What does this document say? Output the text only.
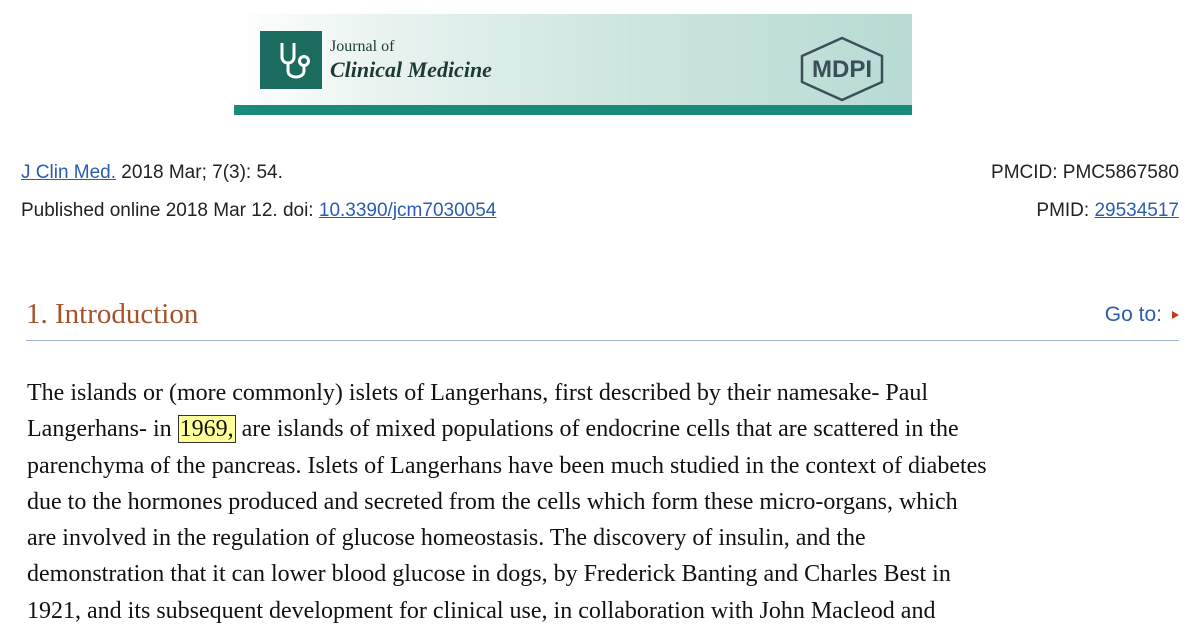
Journal of
Clinical Medicine	MDPI
J Clin Med. 2018 Mar; 7(3): 54.
Published online 2018 Mar 12. doi: 10.3390/jcm7030054
PMCID: PMC5867580
PMID: 29534517
1. Introduction	Go to:
The islands or (more commonly) islets of Langerhans, first described by their namesake- Paul
Langerhans- in 1969, are islands of mixed populations of endocrine cells that are scattered in the
parenchyma of the pancreas. Islets of Langerhans have been much studied in the context of diabetes
due to the hormones produced and secreted from the cells which form these micro-organs, which
are involved in the regulation of glucose homeostasis. The discovery of insulin, and the
demonstration that it can lower blood glucose in dogs, by Frederick Banting and Charles Best in
1921, and its subsequent development for clinical use, in collaboration with John Macleod and
